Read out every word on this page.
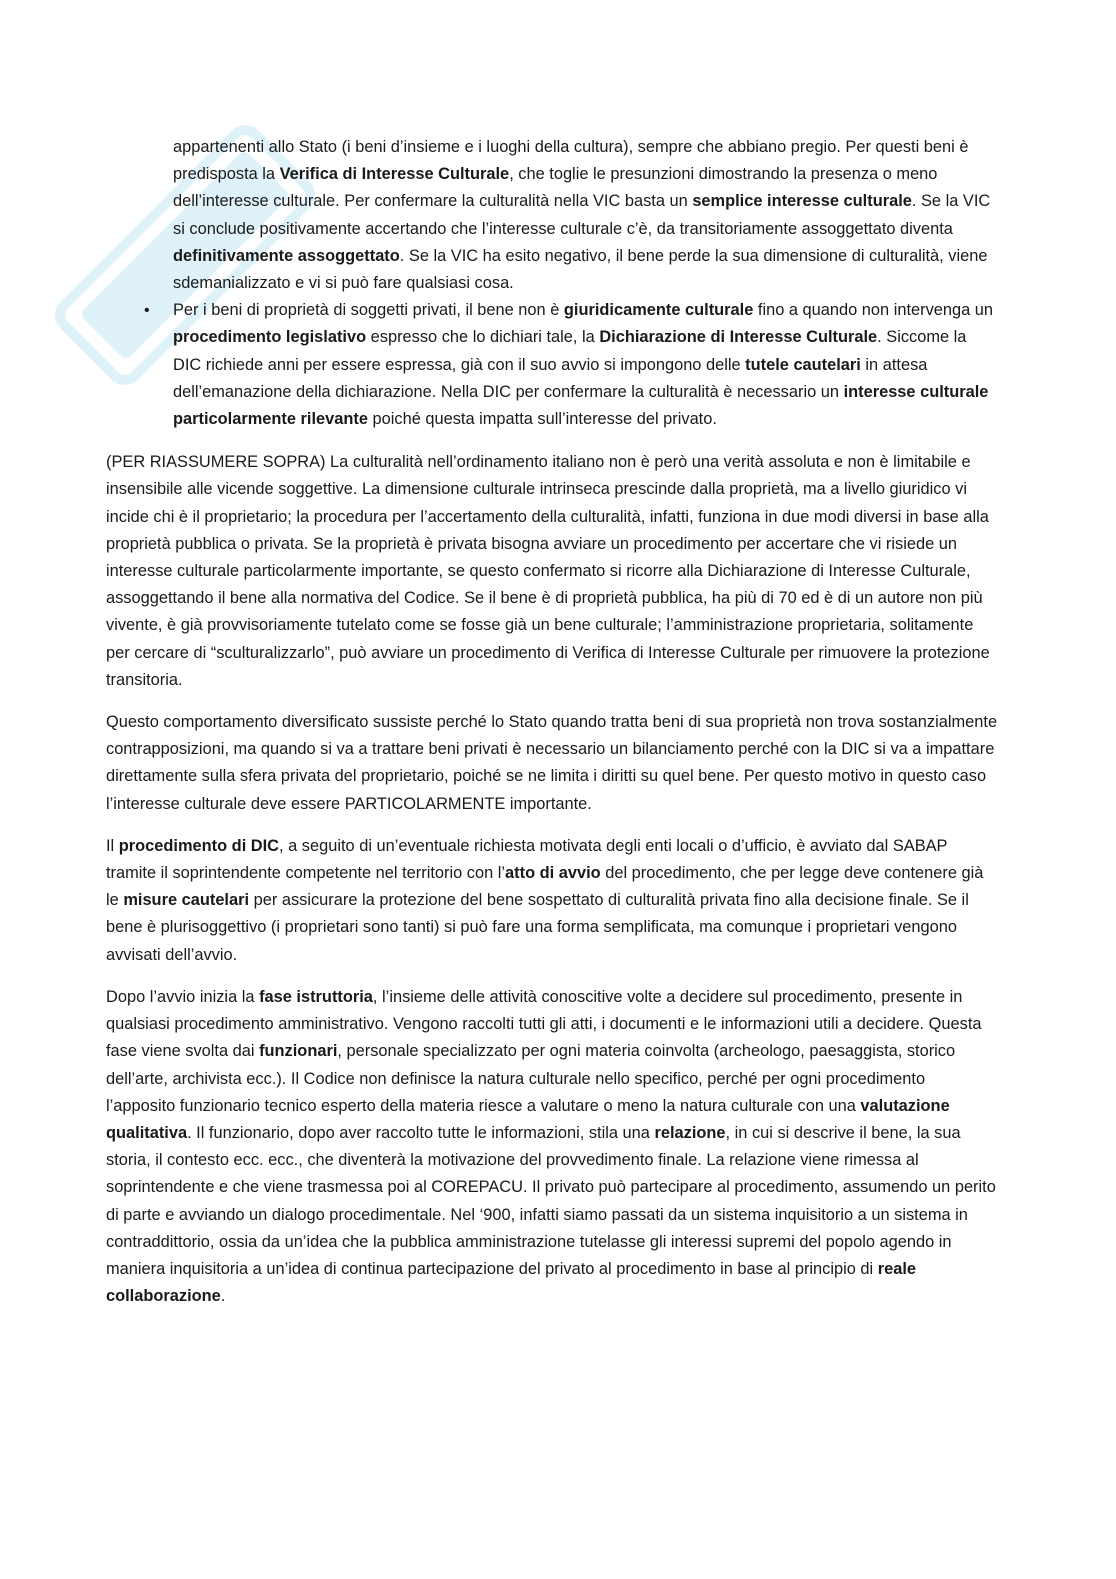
appartenenti allo Stato (i beni d’insieme e i luoghi della cultura), sempre che abbiano pregio. Per questi beni è predisposta la Verifica di Interesse Culturale, che toglie le presunzioni dimostrando la presenza o meno dell’interesse culturale. Per confermare la culturalità nella VIC basta un semplice interesse culturale. Se la VIC si conclude positivamente accertando che l’interesse culturale c’è, da transitoriamente assoggettato diventa definitivamente assoggettato. Se la VIC ha esito negativo, il bene perde la sua dimensione di culturalità, viene sdemanializzato e vi si può fare qualsiasi cosa.
• Per i beni di proprietà di soggetti privati, il bene non è giuridicamente culturale fino a quando non intervenga un procedimento legislativo espresso che lo dichiari tale, la Dichiarazione di Interesse Culturale. Siccome la DIC richiede anni per essere espressa, già con il suo avvio si impongono delle tutele cautelari in attesa dell’emanazione della dichiarazione. Nella DIC per confermare la culturalità è necessario un interesse culturale particolarmente rilevante poiché questa impatta sull’interesse del privato.

(PER RIASSUMERE SOPRA) La culturalità nell’ordinamento italiano non è però una verità assoluta e non è limitabile e insensibile alle vicende soggettive. La dimensione culturale intrinseca prescinde dalla proprietà, ma a livello giuridico vi incide chi è il proprietario; la procedura per l’accertamento della culturalità, infatti, funziona in due modi diversi in base alla proprietà pubblica o privata. Se la proprietà è privata bisogna avviare un procedimento per accertare che vi risiede un interesse culturale particolarmente importante, se questo confermato si ricorre alla Dichiarazione di Interesse Culturale, assoggettando il bene alla normativa del Codice. Se il bene è di proprietà pubblica, ha più di 70 ed è di un autore non più vivente, è già provvisoriamente tutelato come se fosse già un bene culturale; l’amministrazione proprietaria, solitamente per cercare di “sculturalizzarlo”, può avviare un procedimento di Verifica di Interesse Culturale per rimuovere la protezione transitoria.

Questo comportamento diversificato sussiste perché lo Stato quando tratta beni di sua proprietà non trova sostanzialmente contrapposizioni, ma quando si va a trattare beni privati è necessario un bilanciamento perché con la DIC si va a impattare direttamente sulla sfera privata del proprietario, poiché se ne limita i diritti su quel bene. Per questo motivo in questo caso l’interesse culturale deve essere PARTICOLARMENTE importante.

Il procedimento di DIC, a seguito di un’eventuale richiesta motivata degli enti locali o d’ufficio, è avviato dal SABAP tramite il soprintendente competente nel territorio con l’atto di avvio del procedimento, che per legge deve contenere già le misure cautelari per assicurare la protezione del bene sospettato di culturalità privata fino alla decisione finale. Se il bene è plurisoggettivo (i proprietari sono tanti) si può fare una forma semplificata, ma comunque i proprietari vengono avvisati dell’avvio.

Dopo l’avvio inizia la fase istruttoria, l’insieme delle attività conoscitive volte a decidere sul procedimento, presente in qualsiasi procedimento amministrativo. Vengono raccolti tutti gli atti, i documenti e le informazioni utili a decidere. Questa fase viene svolta dai funzionari, personale specializzato per ogni materia coinvolta (archeologo, paesaggista, storico dell’arte, archivista ecc.). Il Codice non definisce la natura culturale nello specifico, perché per ogni procedimento l’apposito funzionario tecnico esperto della materia riesce a valutare o meno la natura culturale con una valutazione qualitativa. Il funzionario, dopo aver raccolto tutte le informazioni, stila una relazione, in cui si descrive il bene, la sua storia, il contesto ecc. ecc., che diventerà la motivazione del provvedimento finale. La relazione viene rimessa al soprintendente e che viene trasmessa poi al COREPACU. Il privato può partecipare al procedimento, assumendo un perito di parte e avviando un dialogo procedimentale. Nel ‘900, infatti siamo passati da un sistema inquisitorio a un sistema in contraddittorio, ossia da un’idea che la pubblica amministrazione tutelasse gli interessi supremi del popolo agendo in maniera inquisitoria a un’idea di continua partecipazione del privato al procedimento in base al principio di reale collaborazione.
